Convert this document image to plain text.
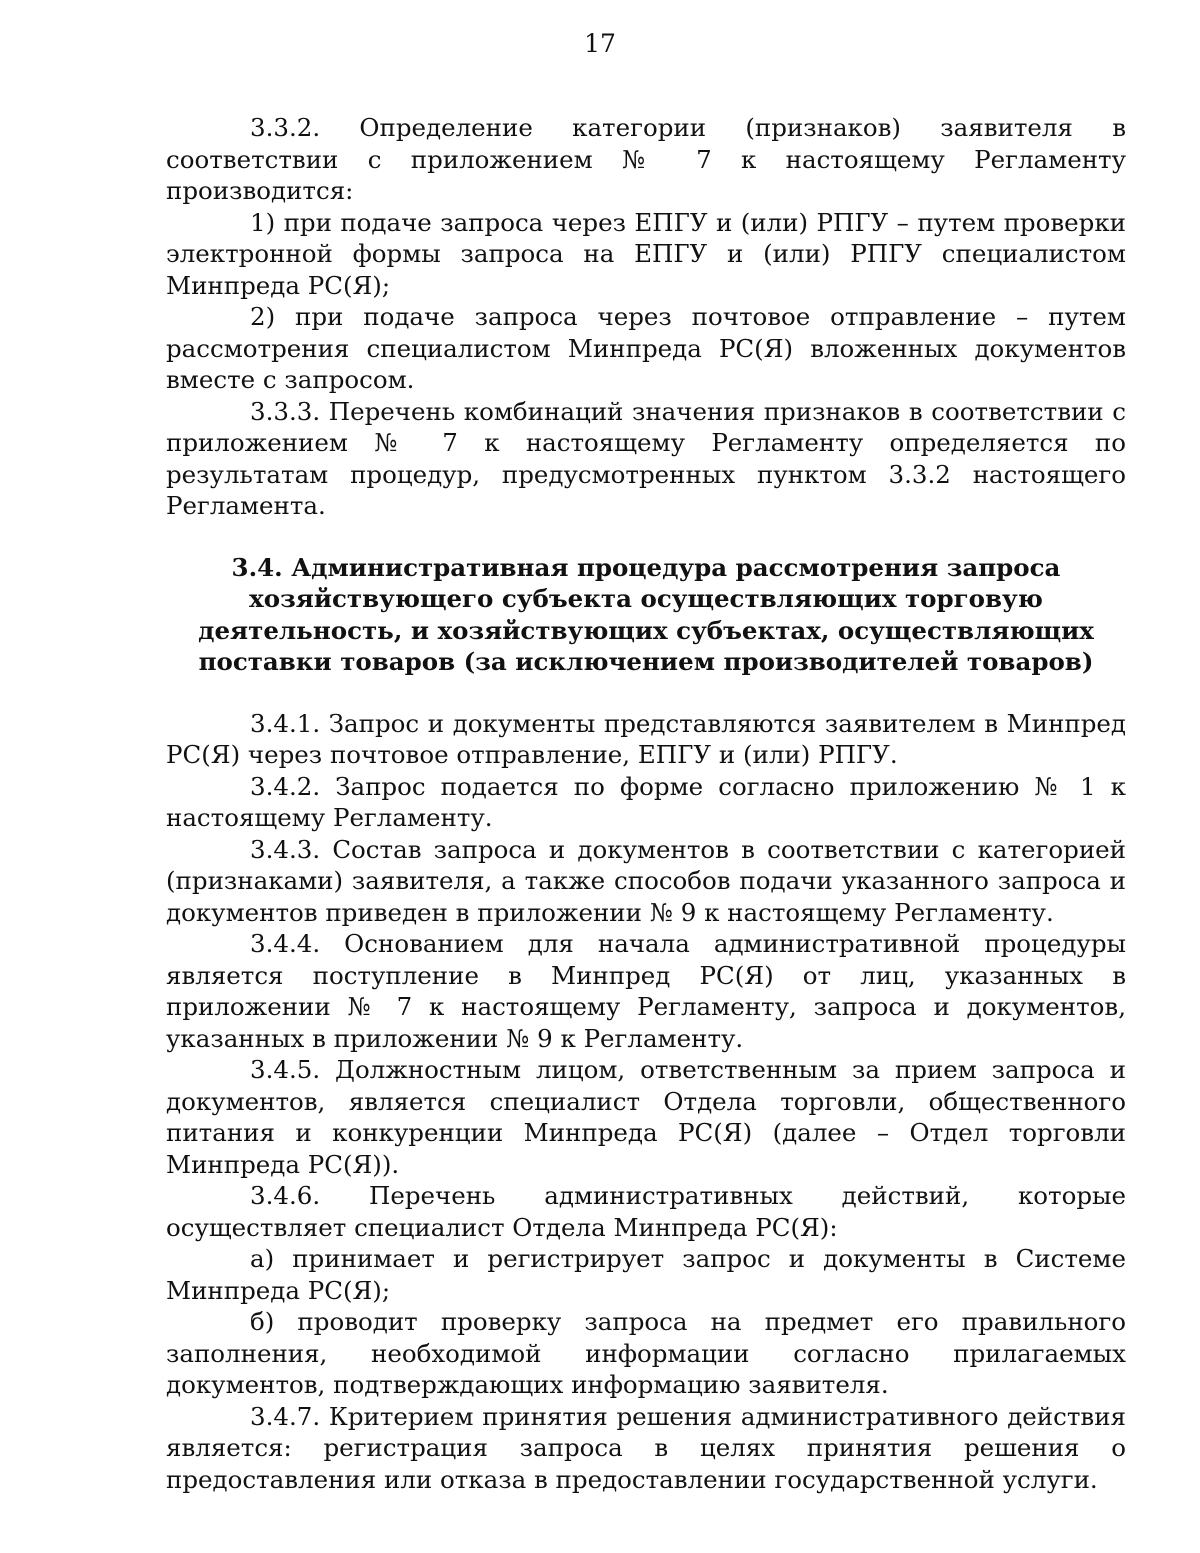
17

3.3.2. Определение категории (признаков) заявителя в соответствии с приложением № 7 к настоящему Регламенту производится:

1) при подаче запроса через ЕПГУ и (или) РПГУ – путем проверки электронной формы запроса на ЕПГУ и (или) РПГУ специалистом Минпреда РС(Я);

2) при подаче запроса через почтовое отправление – путем рассмотрения специалистом Минпреда РС(Я) вложенных документов вместе с запросом.

3.3.3. Перечень комбинаций значения признаков в соответствии с приложением № 7 к настоящему Регламенту определяется по результатам процедур, предусмотренных пунктом 3.3.2 настоящего Регламента.

3.4. Административная процедура рассмотрения запроса хозяйствующего субъекта осуществляющих торговую деятельность, и хозяйствующих субъектах, осуществляющих поставки товаров (за исключением производителей товаров)

3.4.1. Запрос и документы представляются заявителем в Минпред РС(Я) через почтовое отправление, ЕПГУ и (или) РПГУ.

3.4.2. Запрос подается по форме согласно приложению № 1 к настоящему Регламенту.

3.4.3. Состав запроса и документов в соответствии с категорией (признаками) заявителя, а также способов подачи указанного запроса и документов приведен в приложении № 9 к настоящему Регламенту.

3.4.4. Основанием для начала административной процедуры является поступление в Минпред РС(Я) от лиц, указанных в приложении № 7 к настоящему Регламенту, запроса и документов, указанных в приложении № 9 к Регламенту.

3.4.5. Должностным лицом, ответственным за прием запроса и документов, является специалист Отдела торговли, общественного питания и конкуренции Минпреда РС(Я) (далее – Отдел торговли Минпреда РС(Я)).

3.4.6. Перечень административных действий, которые осуществляет специалист Отдела Минпреда РС(Я):

а) принимает и регистрирует запрос и документы в Системе Минпреда РС(Я);

б) проводит проверку запроса на предмет его правильного заполнения, необходимой информации согласно прилагаемых документов, подтверждающих информацию заявителя.

3.4.7. Критерием принятия решения административного действия является: регистрация запроса в целях принятия решения о предоставления или отказа в предоставлении государственной услуги.
